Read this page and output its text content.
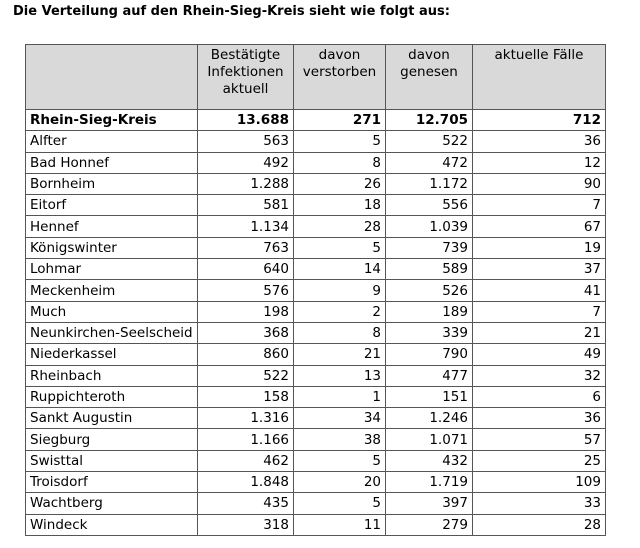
Die Verteilung auf den Rhein-Sieg-Kreis sieht wie folgt aus:
	Bestätigte Infektionen aktuell	davon verstorben	davon genesen	aktuelle Fälle
Rhein-Sieg-Kreis	13.688	271	12.705	712
Alfter	563	5	522	36
Bad Honnef	492	8	472	12
Bornheim	1.288	26	1.172	90
Eitorf	581	18	556	7
Hennef	1.134	28	1.039	67
Königswinter	763	5	739	19
Lohmar	640	14	589	37
Meckenheim	576	9	526	41
Much	198	2	189	7
Neunkirchen-Seelscheid	368	8	339	21
Niederkassel	860	21	790	49
Rheinbach	522	13	477	32
Ruppichteroth	158	1	151	6
Sankt Augustin	1.316	34	1.246	36
Siegburg	1.166	38	1.071	57
Swisttal	462	5	432	25
Troisdorf	1.848	20	1.719	109
Wachtberg	435	5	397	33
Windeck	318	11	279	28
